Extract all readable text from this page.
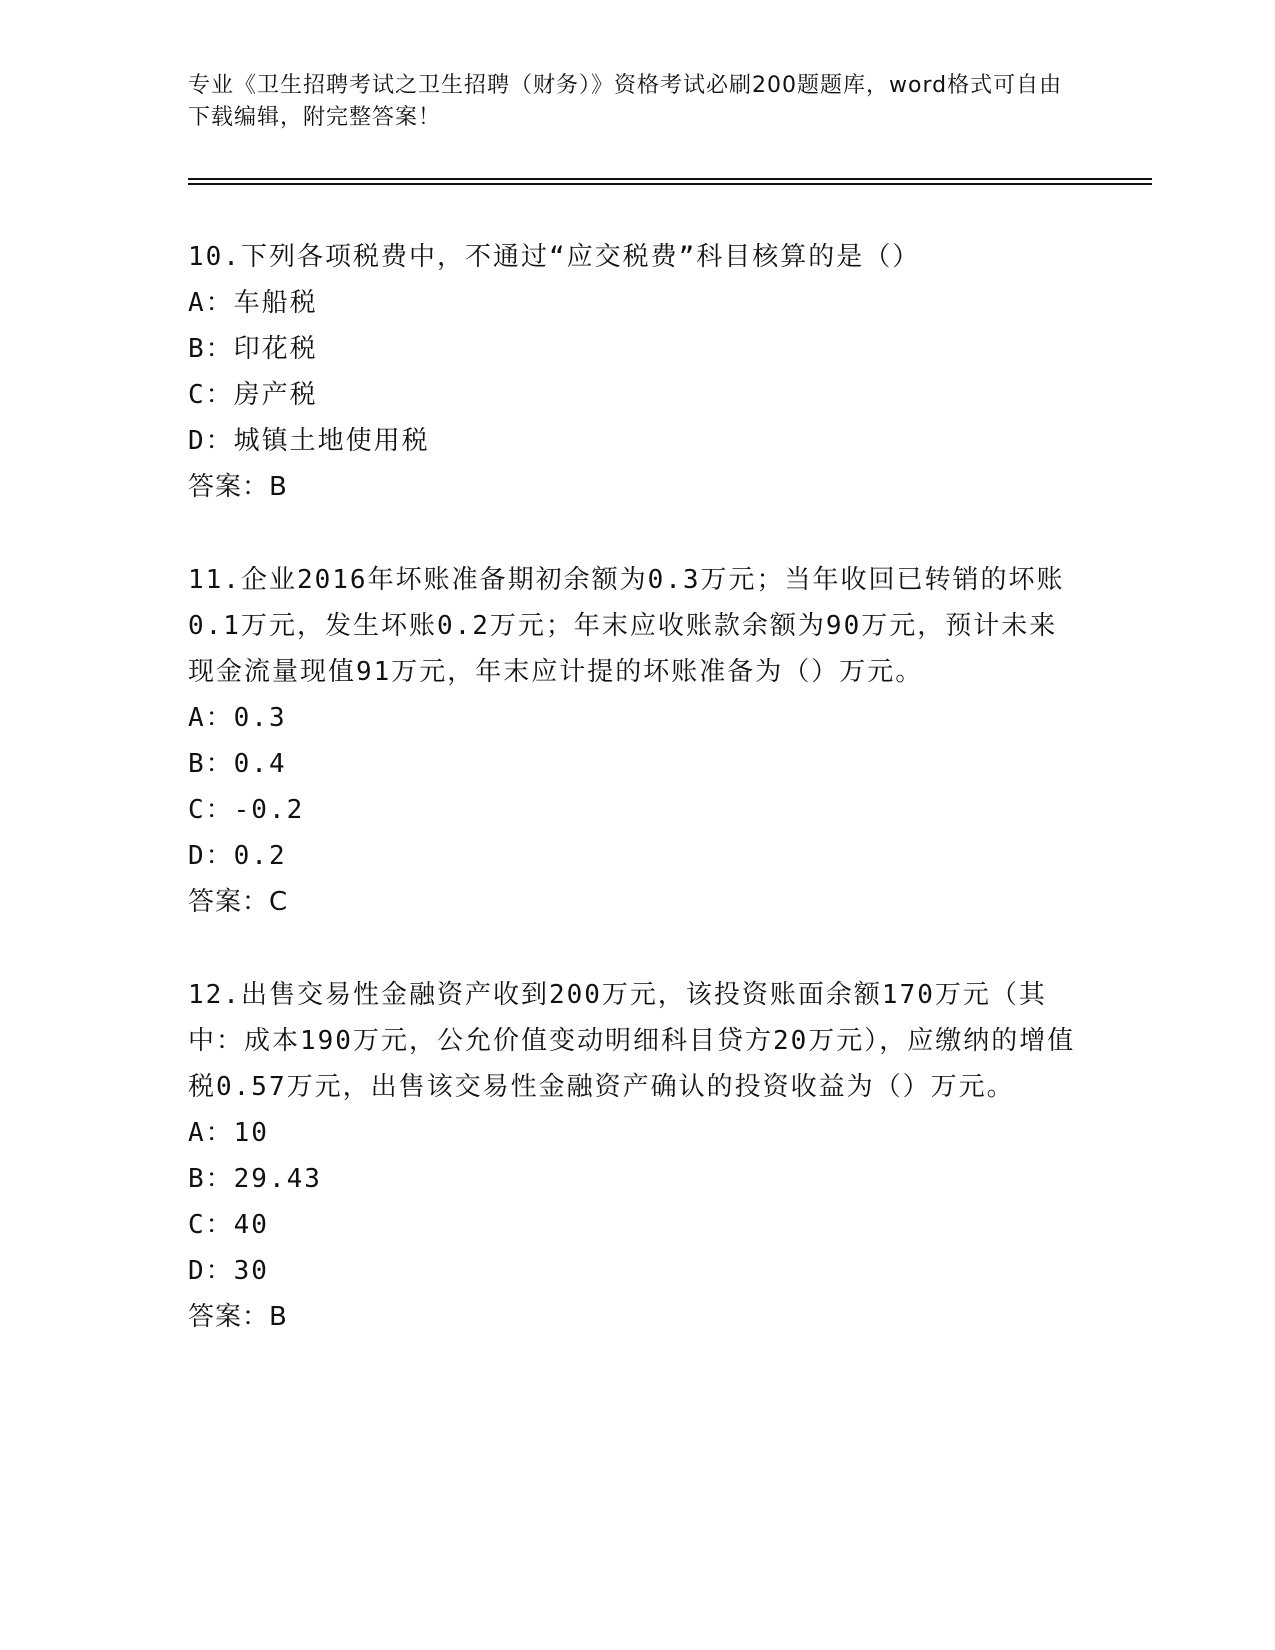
专业《卫生招聘考试之卫生招聘（财务）》资格考试必刷200题题库，word格式可自由下载编辑，附完整答案！
10.下列各项税费中，不通过“应交税费”科目核算的是（）
A：车船税
B：印花税
C：房产税
D：城镇土地使用税
答案：B
11.企业2016年坏账准备期初余额为0.3万元；当年收回已转销的坏账0.1万元，发生坏账0.2万元；年末应收账款余额为90万元，预计未来现金流量现值91万元，年末应计提的坏账准备为（）万元。
A：0.3
B：0.4
C：-0.2
D：0.2
答案：C
12.出售交易性金融资产收到200万元，该投资账面余额170万元（其中：成本190万元，公允价值变动明细科目贷方20万元），应缴纳的增值税0.57万元，出售该交易性金融资产确认的投资收益为（）万元。
A：10
B：29.43
C：40
D：30
答案：B
